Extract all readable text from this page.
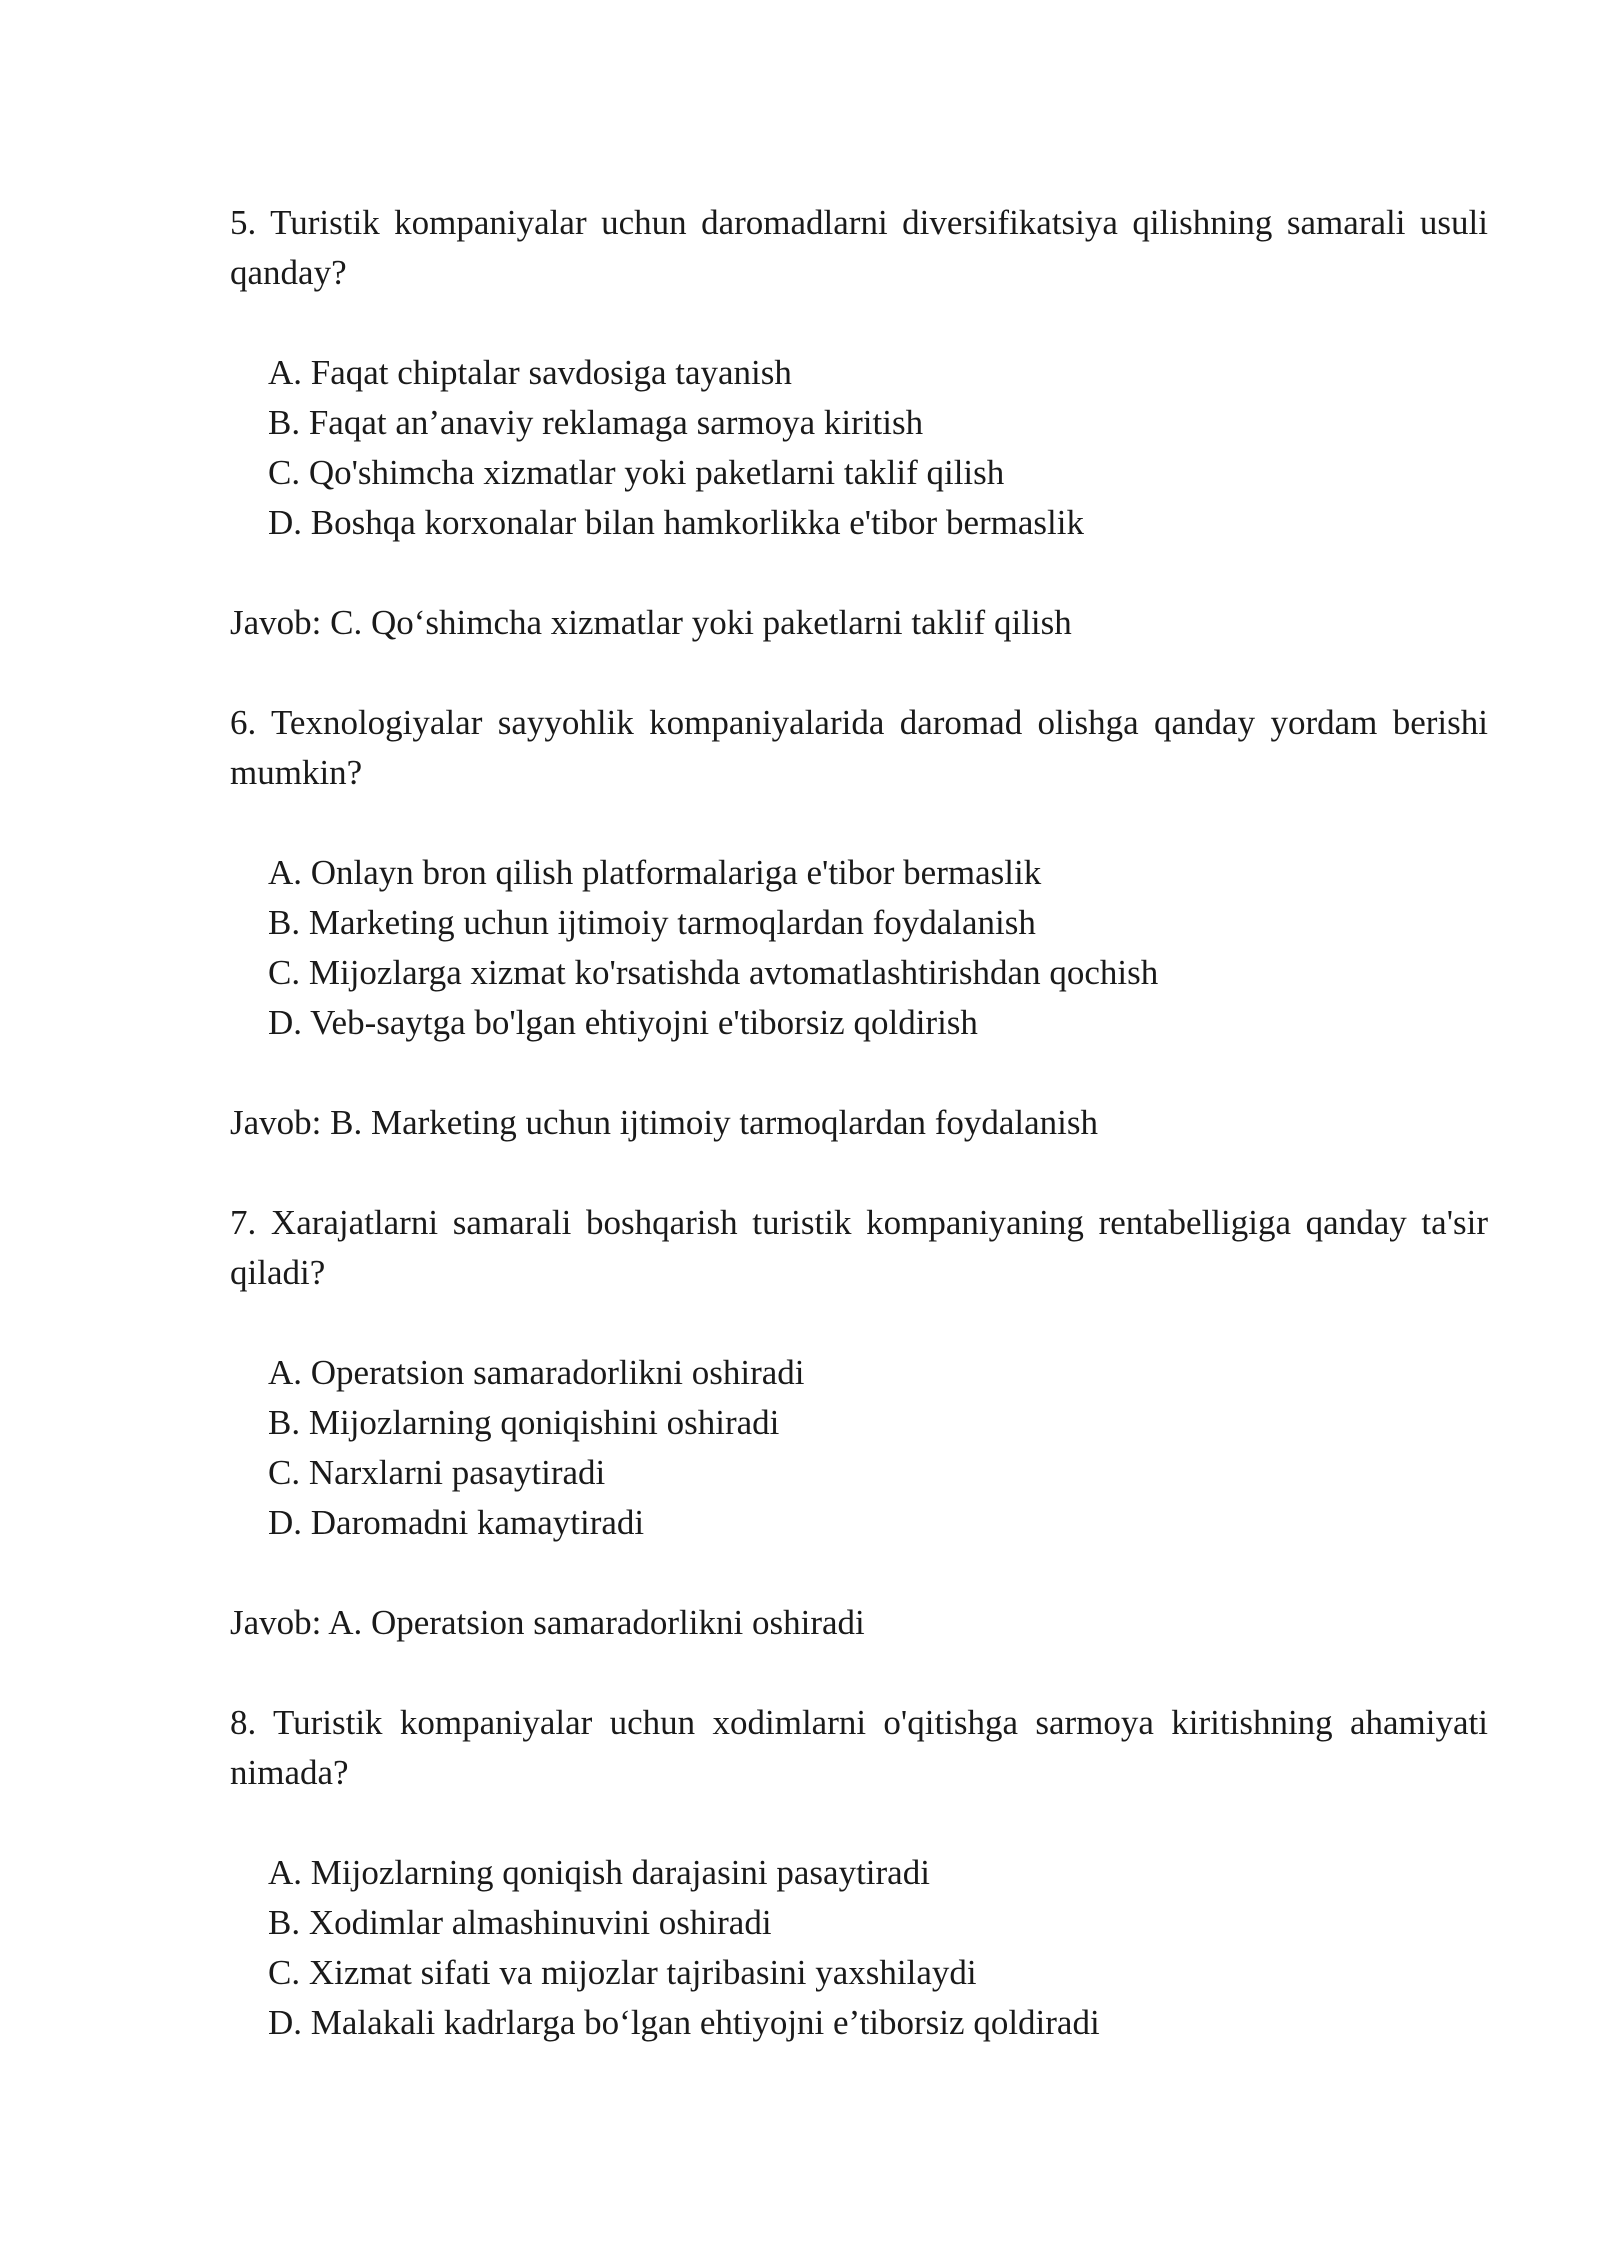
5. Turistik kompaniyalar uchun daromadlarni diversifikatsiya qilishning samarali usuli qanday?

A. Faqat chiptalar savdosiga tayanish
B. Faqat an’anaviy reklamaga sarmoya kiritish
C. Qo'shimcha xizmatlar yoki paketlarni taklif qilish
D. Boshqa korxonalar bilan hamkorlikka e'tibor bermaslik

Javob: C. Qo‘shimcha xizmatlar yoki paketlarni taklif qilish

6. Texnologiyalar sayyohlik kompaniyalarida daromad olishga qanday yordam berishi mumkin?

A. Onlayn bron qilish platformalariga e'tibor bermaslik
B. Marketing uchun ijtimoiy tarmoqlardan foydalanish
C. Mijozlarga xizmat ko'rsatishda avtomatlashtirishdan qochish
D. Veb-saytga bo'lgan ehtiyojni e'tiborsiz qoldirish

Javob: B. Marketing uchun ijtimoiy tarmoqlardan foydalanish

7. Xarajatlarni samarali boshqarish turistik kompaniyaning rentabelligiga qanday ta'sir qiladi?

A. Operatsion samaradorlikni oshiradi
B. Mijozlarning qoniqishini oshiradi
C. Narxlarni pasaytiradi
D. Daromadni kamaytiradi

Javob: A. Operatsion samaradorlikni oshiradi

8. Turistik kompaniyalar uchun xodimlarni o'qitishga sarmoya kiritishning ahamiyati nimada?

A. Mijozlarning qoniqish darajasini pasaytiradi
B. Xodimlar almashinuvini oshiradi
C. Xizmat sifati va mijozlar tajribasini yaxshilaydi
D. Malakali kadrlarga bo‘lgan ehtiyojni e’tiborsiz qoldiradi
